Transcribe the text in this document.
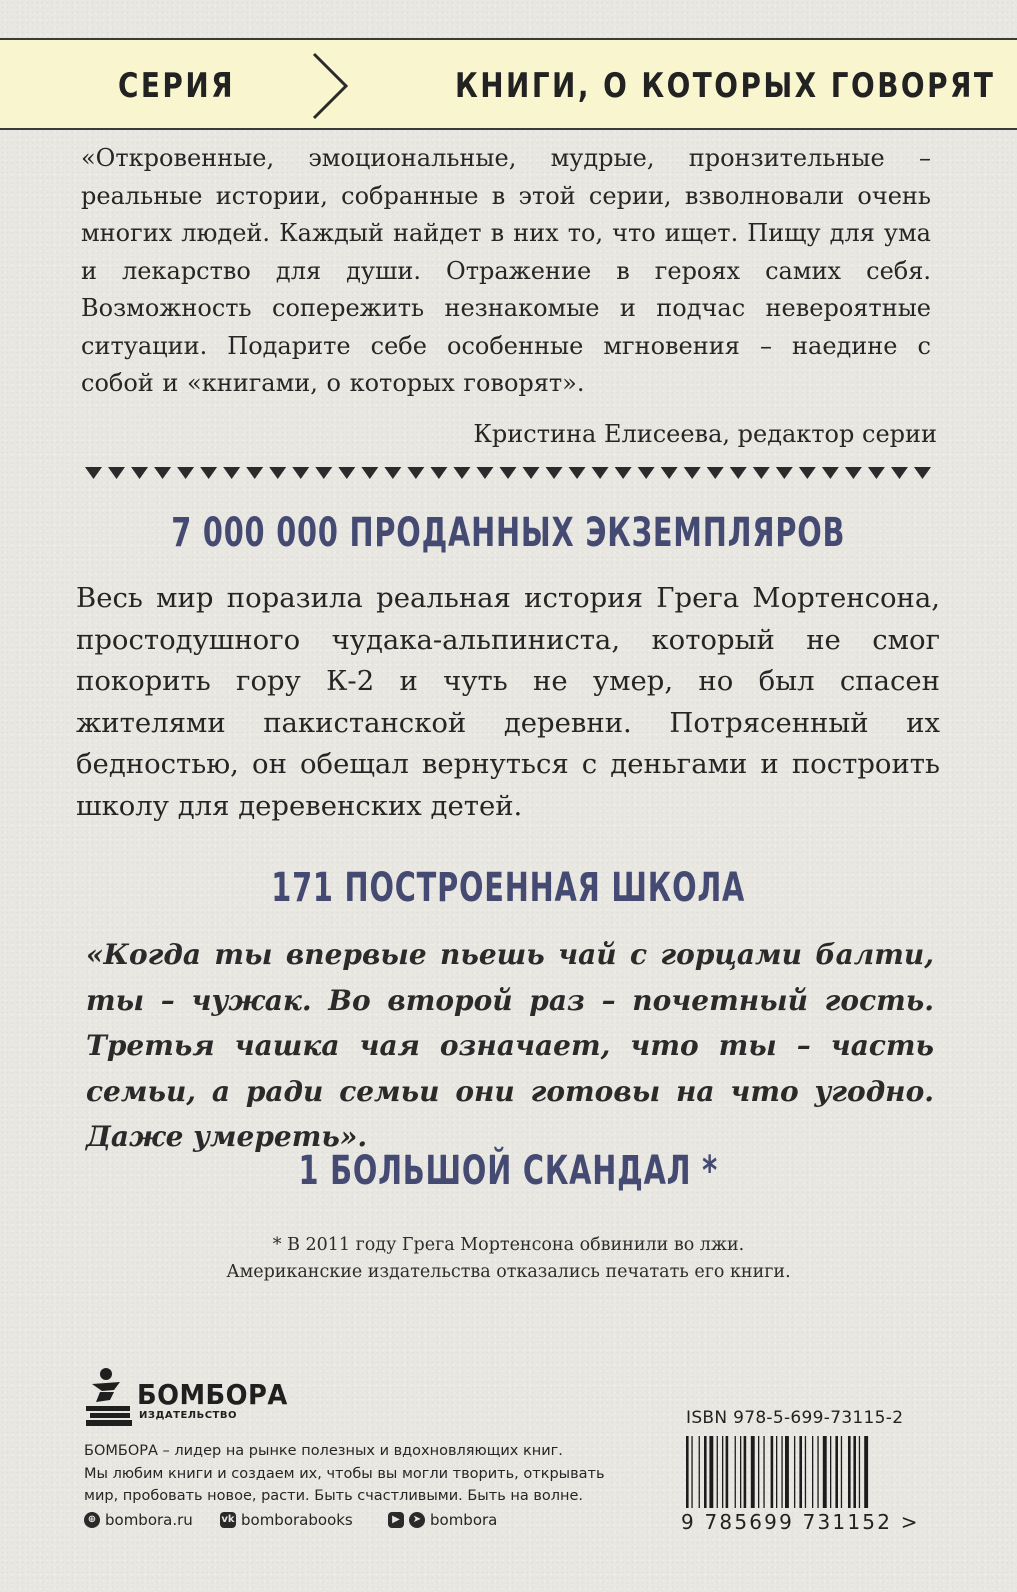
СЕРИЯ	КНИГИ, О КОТОРЫХ ГОВОРЯТ
«Откровенные, эмоциональные, мудрые, пронзительные – реальные истории, собранные в этой серии, взволновали очень многих людей. Каждый найдет в них то, что ищет. Пищу для ума и лекарство для души. Отражение в героях самих себя. Возможность сопережить незнакомые и подчас невероятные ситуации. Подарите себе особенные мгновения – наедине с собой и «книгами, о которых говорят».
Кристина Елисеева, редактор серии
7 000 000 ПРОДАННЫХ ЭКЗЕМПЛЯРОВ
Весь мир поразила реальная история Грега Мортенсона, простодушного чудака-альпиниста, который не смог покорить гору К-2 и чуть не умер, но был спасен жителями пакистанской деревни. Потрясенный их бедностью, он обещал вернуться с деньгами и построить школу для деревенских детей.
171 ПОСТРОЕННАЯ ШКОЛА
«Когда ты впервые пьешь чай с горцами балти, ты – чужак. Во второй раз – почетный гость. Третья чашка чая означает, что ты – часть семьи, а ради семьи они готовы на что угодно. Даже умереть».
1 БОЛЬШОЙ СКАНДАЛ *
* В 2011 году Грега Мортенсона обвинили во лжи.
Американские издательства отказались печатать его книги.
БОМБОРА
ИЗДАТЕЛЬСТВО
БОМБОРА – лидер на рынке полезных и вдохновляющих книг.
Мы любим книги и создаем их, чтобы вы могли творить, открывать
мир, пробовать новое, расти. Быть счастливыми. Быть на волне.
⊕ bombora.ru	vk bomborabooks	▶	➤ bombora
ISBN 978-5-699-73115-2
9 785699 731152 >
